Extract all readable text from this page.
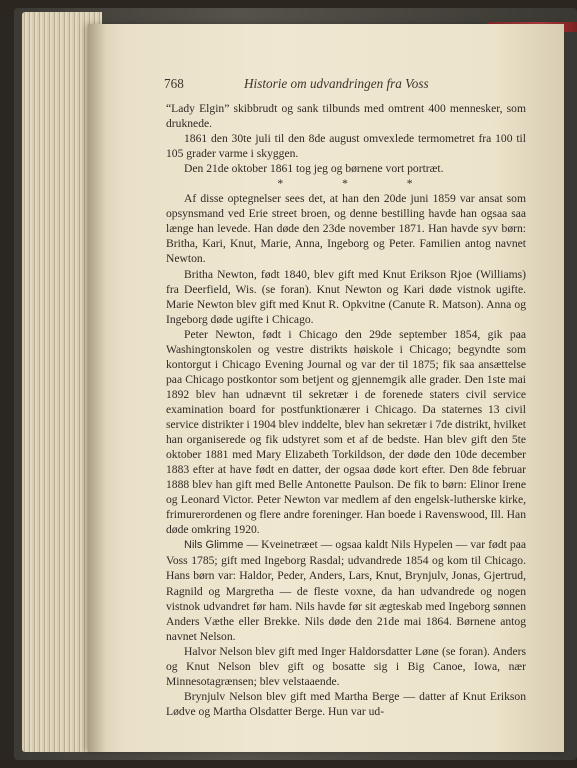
768	Historie om udvandringen fra Voss

“Lady Elgin” skibbrudt og sank tilbunds med omtrent 400 mennesker, som druknede.

1861 den 30te juli til den 8de august omvexlede termometret fra 100 til 105 grader varme i skyggen.

Den 21de oktober 1861 tog jeg og børnene vort portræt.

*	*	*

Af disse optegnelser sees det, at han den 20de juni 1859 var ansat som opsynsmand ved Erie street broen, og denne bestilling havde han ogsaa saa længe han levede. Han døde den 23de november 1871. Han havde syv børn: Britha, Kari, Knut, Marie, Anna, Ingeborg og Peter. Familien antog navnet Newton.

Britha Newton, født 1840, blev gift med Knut Erikson Rjoe (Williams) fra Deerfield, Wis. (se foran). Knut Newton og Kari døde vistnok ugifte. Marie Newton blev gift med Knut R. Opkvitne (Canute R. Matson). Anna og Ingeborg døde ugifte i Chicago.

Peter Newton, født i Chicago den 29de september 1854, gik paa Washingtonskolen og vestre distrikts høiskole i Chicago; begyndte som kontorgut i Chicago Evening Journal og var der til 1875; fik saa ansættelse paa Chicago postkontor som betjent og gjennemgik alle grader. Den 1ste mai 1892 blev han udnævnt til sekretær i de forenede staters civil service examination board for postfunktionærer i Chicago. Da staternes 13 civil service distrikter i 1904 blev inddelte, blev han sekretær i 7de distrikt, hvilket han organiserede og fik udstyret som et af de bedste. Han blev gift den 5te oktober 1881 med Mary Elizabeth Torkildson, der døde den 10de december 1883 efter at have født en datter, der ogsaa døde kort efter. Den 8de februar 1888 blev han gift med Belle Antonette Paulson. De fik to børn: Elinor Irene og Leonard Victor. Peter Newton var medlem af den engelsk-lutherske kirke, frimurerordenen og flere andre foreninger. Han boede i Ravenswood, Ill. Han døde omkring 1920.

Nils Glimme — Kveinetræet — ogsaa kaldt Nils Hypelen — var født paa Voss 1785; gift med Ingeborg Rasdal; udvandrede 1854 og kom til Chicago. Hans børn var: Haldor, Peder, Anders, Lars, Knut, Brynjulv, Jonas, Gjertrud, Ragnild og Margretha — de fleste voxne, da han udvandrede og nogen vistnok udvandret før ham. Nils havde før sit ægteskab med Ingeborg sønnen Anders Væthe eller Brekke. Nils døde den 21de mai 1864. Børnene antog navnet Nelson.

Halvor Nelson blev gift med Inger Haldorsdatter Løne (se foran). Anders og Knut Nelson blev gift og bosatte sig i Big Canoe, Iowa, nær Minnesotagrænsen; blev velstaaende.

Brynjulv Nelson blev gift med Martha Berge — datter af Knut Erikson Lødve og Martha Olsdatter Berge. Hun var ud-
